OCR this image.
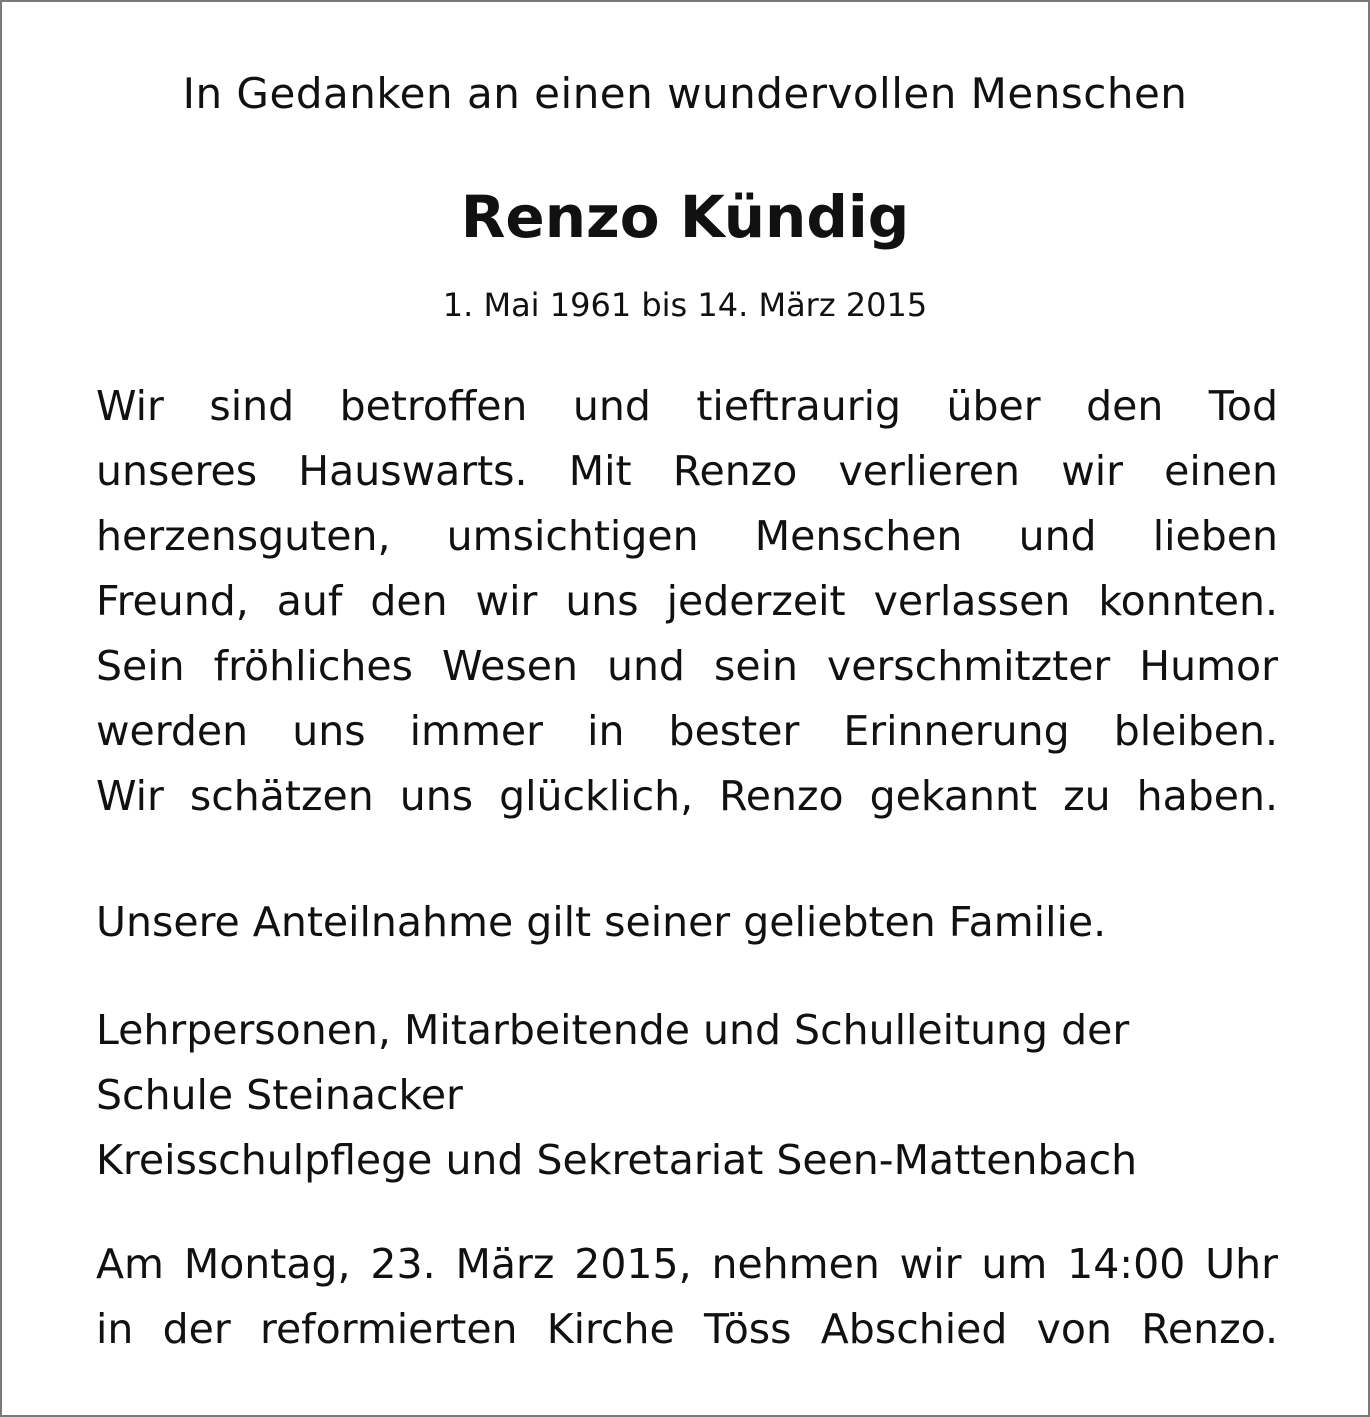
In Gedanken an einen wundervollen Menschen
Renzo Kündig
1. Mai 1961 bis 14. März 2015
Wir sind betroffen und tieftraurig über den Tod
unseres Hauswarts. Mit Renzo verlieren wir einen
herzensguten, umsichtigen Menschen und lieben
Freund, auf den wir uns jederzeit verlassen konnten.
Sein fröhliches Wesen und sein verschmitzter Humor
werden uns immer in bester Erinnerung bleiben.
Wir schätzen uns glücklich, Renzo gekannt zu haben.
Unsere Anteilnahme gilt seiner geliebten Familie.
Lehrpersonen, Mitarbeitende und Schulleitung der
Schule Steinacker
Kreisschulpflege und Sekretariat Seen-Mattenbach
Am Montag, 23. März 2015, nehmen wir um 14:00 Uhr
in der reformierten Kirche Töss Abschied von Renzo.
